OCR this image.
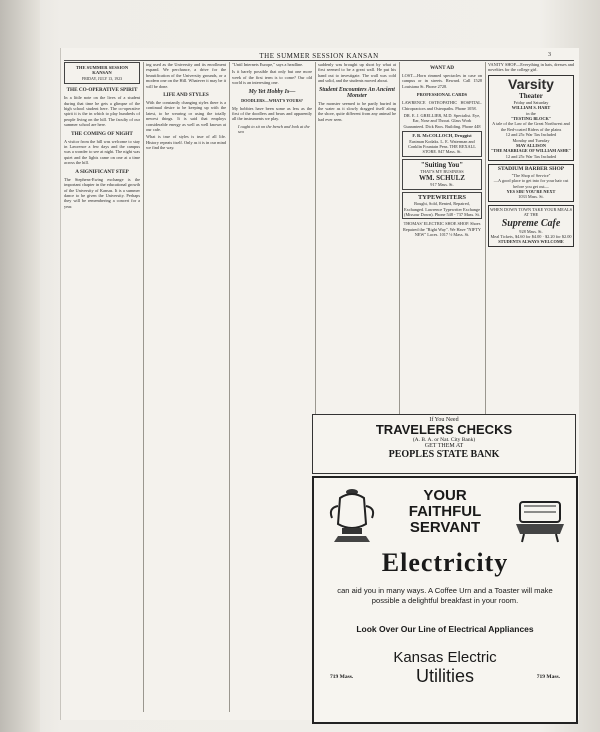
THE SUMMER SESSION KANSAN	3
THE SUMMER SESSION KANSAN
FRIDAY, JULY 13, 1923
THE CO-OPERATIVE SPIRIT

In a little note on the lives of a student during that time he gets a glimpse of the high school student here. The co-operative spirit it is the in which to play hundreds of people living on the hill. The faculty of our summer school are here.

THE COMING OF NIGHT

A visitor from the hill was welcome to stay in Lawrence a few days and the campus was a wonder to see at night. The night was quiet and the lights came on one at a time across the hill.

A SIGNIFICANT STEP

The Stephens-Ewing exchange is the important chapter in the educational growth of the University of Kansas. It is a summer dance to be given the University. Perhaps they will be remembering a concert for a year.

ing used as the University and its enrollment expand. We perchance, a drive for the beautification of the University grounds, or a modern one on the Hill. Whatever it may be it will be done.

LIFE AND STYLES

With the constantly changing styles there is a continual desire to be keeping up with the latest, to be wearing or using the totally newest things. It is said that employs considerable energy as well as well known at our cafe.

What is true of styles is true of all life. History repeats itself. Only as it is in our mind we find the way.

"Until Internets Europe," says a headline.

Is it barely possible that only but one more week of the first term is to come? Our old world is an interesting one.

My Yet Hobby Is—
DOODLERS—WHAT'S YOURS?

My hobbies have been some as less as the first of the doodlers and bears and apparently all the instruments we play.

I ought to sit on the bench and look at the sea

suddenly was brought up short by what at first seemed to be a great wall. He put his hand out to investigate. The wall was cold and solid, and the students moved about.

Student Encounters An Ancient Monster

The monster seemed to be partly buried in the water as it slowly dragged itself along the shore, quite different from any animal he had ever seen.

WANT AD

LOST—Horn rimmed spectacles in case on campus or in streets. Reward. Call 1528 Louisiana St. Phone 2728.

PROFESSIONAL CARDS

LAWRENCE OSTEOPATHIC HOSPITAL. Chiropractors and Osteopaths. Phone 1058.

DR. E. J. GRELLIER, M.D. Specialist. Eye, Ear, Nose and Throat. Glass Work Guaranteed. Dick Bros. Building. Phone 448

F. B. McCOLLOCH, Druggist
Eastman Kodaks. L. E. Waterman and Conklin Fountain Pens. THE REXALL STORE. 847 Mass. St.
"Suiting You"
THAT'S MY BUSINESS
WM. SCHULZ
917 Mass. St.
TYPEWRITERS
Bought, Sold, Rented, Repaired, Exchanged. Lawrence Typewriter Exchange (Missour Down). Phone 548 - 737 Mass. St.

THOMAS' ELECTRIC SHOE SHOP. Shoes Repaired the "Right Way". We Have "NIFTY NEW" Laces. 1017 ½ Mass. St.

VANITY SHOP—Everything in hats, dresses and novelties for the college girl.

Varsity
Theater
Friday and Saturday
WILLIAM S. HART
in the
"TESTING BLOCK"
A tale of the Law of the Great Northwest and the Red-coated Riders of the plains
12 and 25c War Tax Included
Monday and Tuesday
MAY ALLISON
"THE MARRIAGE OF WILLIAM ASHE"
12 and 25c War Tax Included
STADIUM BARBER SHOP
"The Shop of Service"
—A good place to get into for your hair cut before you get out—
YES SIR! YOU'RE NEXT
1033 Mass. St.
WHEN DOWN TOWN TAKE YOUR MEALS AT THE
Supreme Cafe
928 Mass. St.
Meal Tickets, $4.60 for $4.00 · $2.20 for $2.00
STUDENTS ALWAYS WELCOME
If You Need
TRAVELERS CHECKS
(A. B. A. or Nat. City Bank)
GET THEM AT
PEOPLES STATE BANK
YOUR
FAITHFUL
SERVANT
Electricity
can aid you in many ways. A Coffee Urn and a Toaster will make possible a delightful breakfast in your room.
Look Over Our Line of Electrical Appliances
Kansas Electric
719 Mass.	Utilities	719 Mass.
